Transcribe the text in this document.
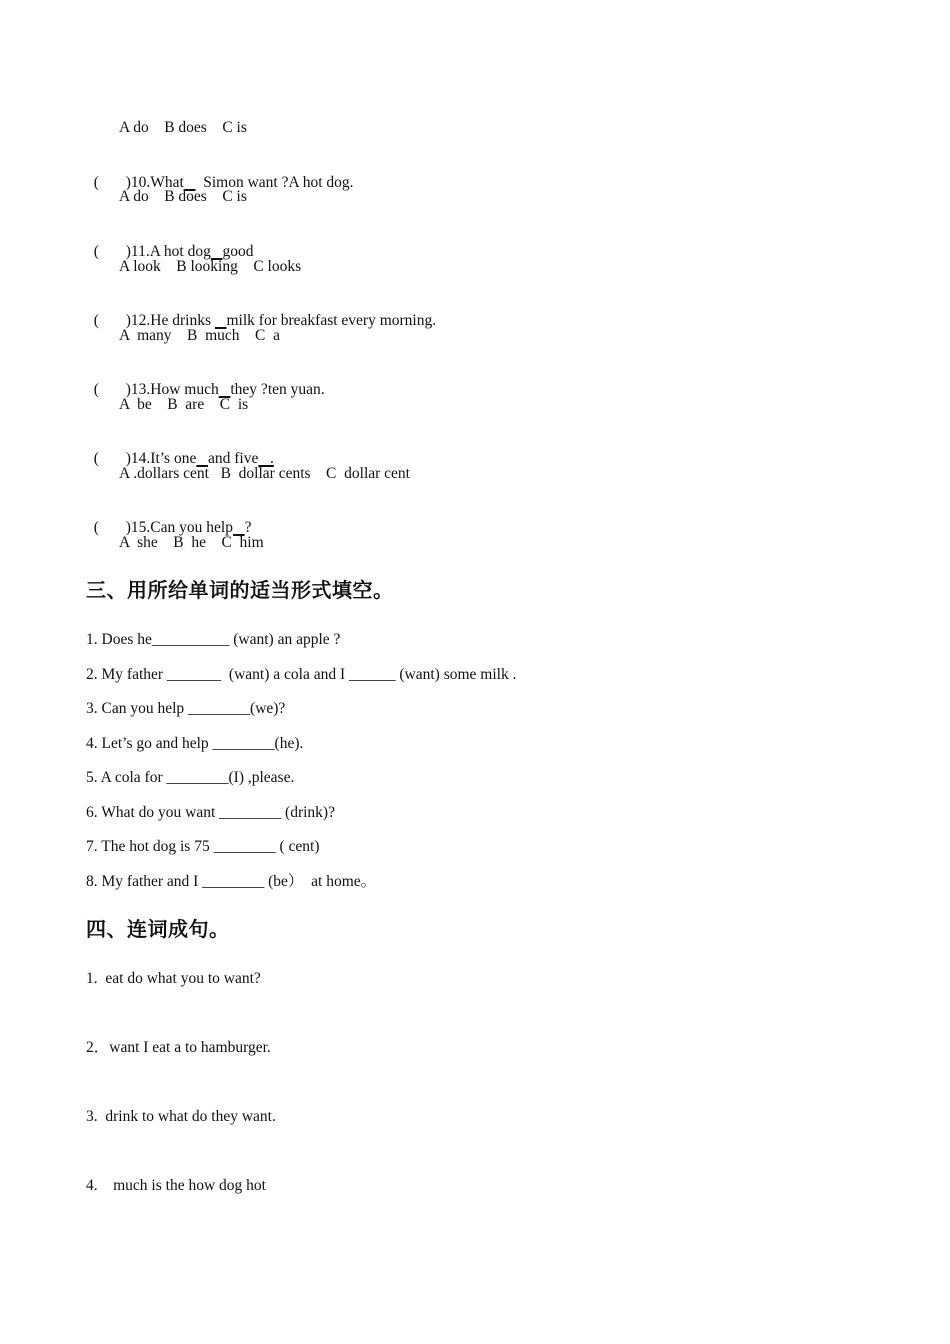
A do    B does    C is

( )10.What     Simon want ?A hot dog.

A do    B does    C is

( )11.A hot dog good

A look    B looking    C looks

( )12.He drinks    milk for breakfast every morning.

A  many    B  much    C  a

( )13.How much they ?ten yuan.

A  be    B  are    C  is

( )14.It’s one and five   .

A .dollars cent   B  dollar cents    C  dollar cent

( )15.Can you help ?

A  she    B  he    C  him
三、用所给单词的适当形式填空。
1. Does he__________ (want) an apple ?
2. My father _______  (want) a cola and I ______ (want) some milk .
3. Can you help ________(we)?
4. Let’s go and help ________(he).
5. A cola for ________(I) ,please.
6. What do you want ________ (drink)?
7. The hot dog is 75 ________ ( cent)
8. My father and I ________ (be）  at home。
四、连词成句。
1.  eat do what you to want?
2．want I eat a to hamburger.
3.  drink to what do they want.
4.    much is the how dog hot
